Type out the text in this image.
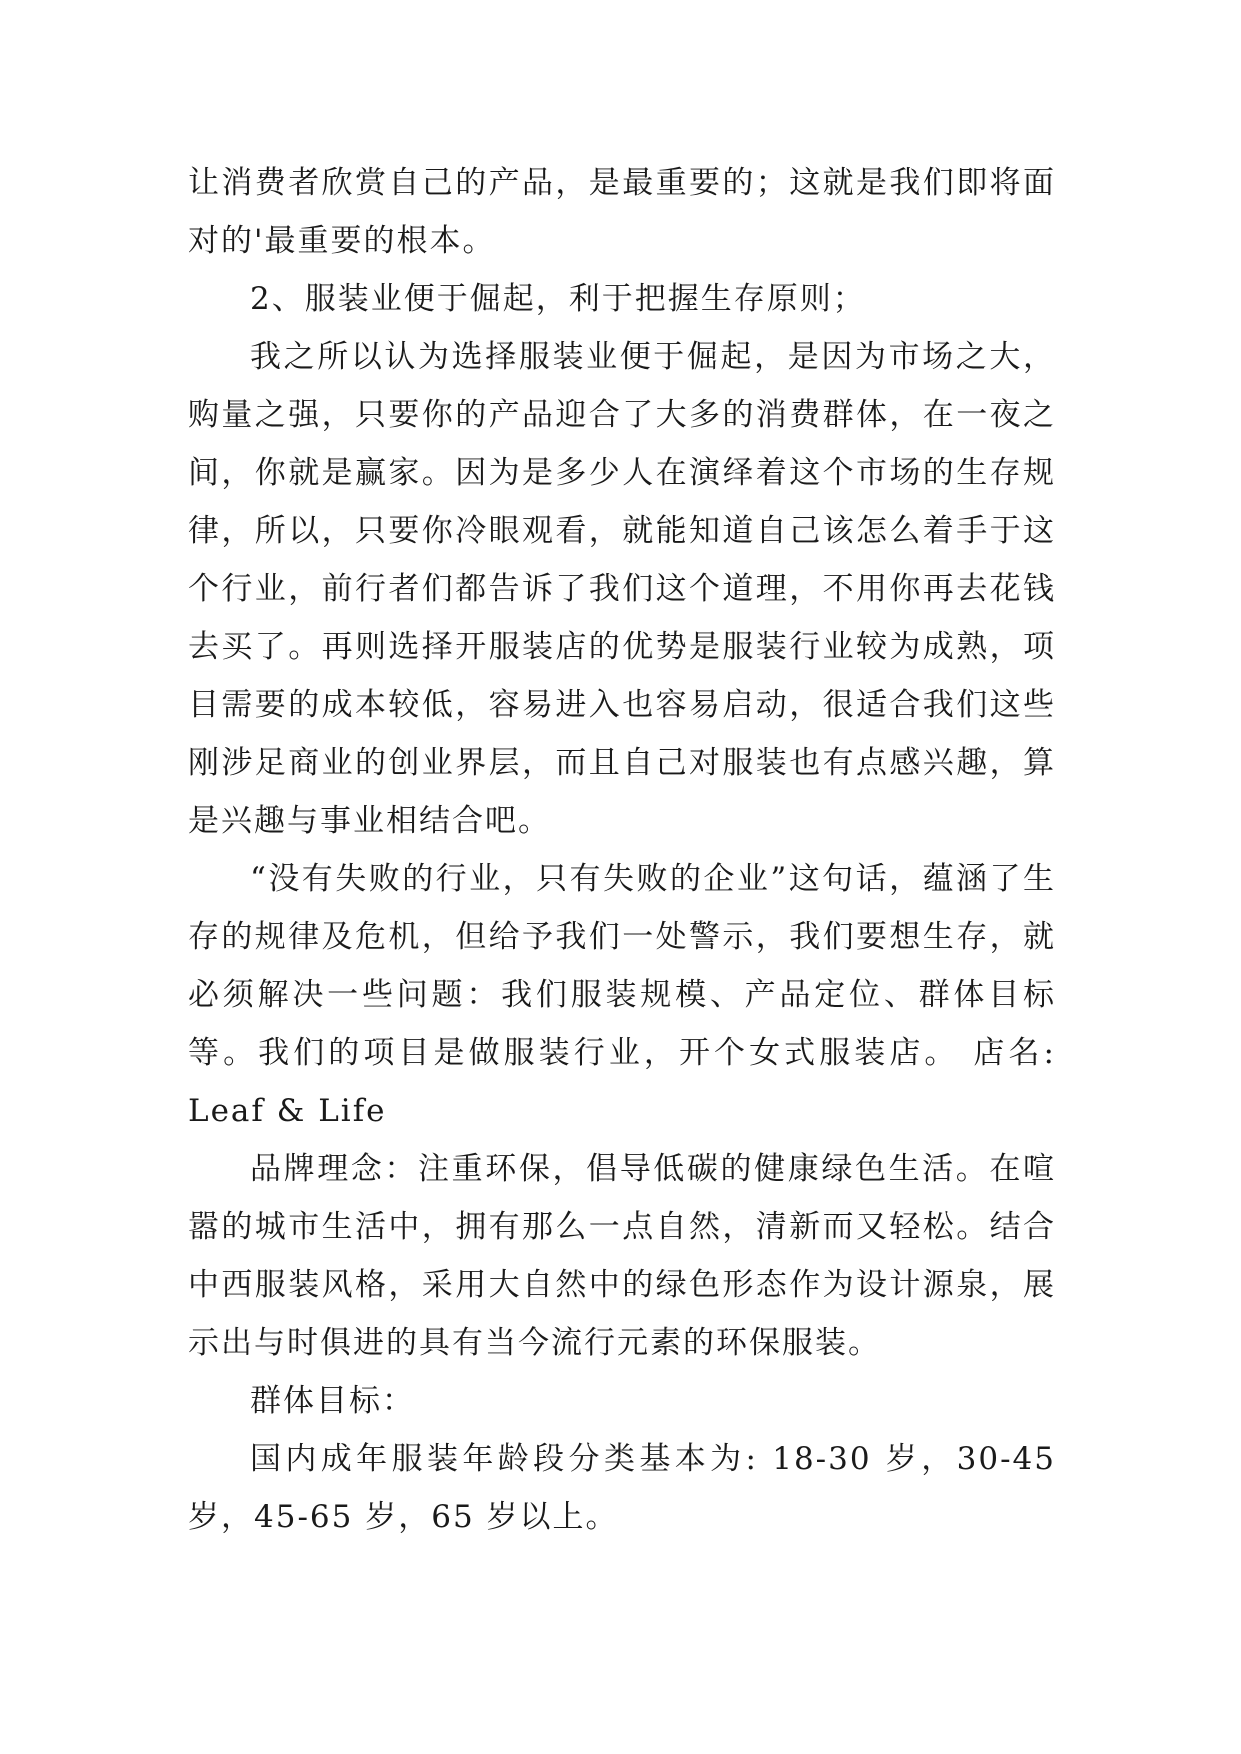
让消费者欣赏自己的产品，是最重要的；这就是我们即将面对的'最重要的根本。

2、服装业便于倔起，利于把握生存原则；

我之所以认为选择服装业便于倔起，是因为市场之大，购量之强，只要你的产品迎合了大多的消费群体，在一夜之间，你就是赢家。因为是多少人在演绎着这个市场的生存规律，所以，只要你冷眼观看，就能知道自己该怎么着手于这个行业，前行者们都告诉了我们这个道理，不用你再去花钱去买了。再则选择开服装店的优势是服装行业较为成熟，项目需要的成本较低，容易进入也容易启动，很适合我们这些刚涉足商业的创业界层，而且自己对服装也有点感兴趣，算是兴趣与事业相结合吧。

“没有失败的行业，只有失败的企业”这句话，蕴涵了生存的规律及危机，但给予我们一处警示，我们要想生存，就必须解决一些问题：我们服装规模、产品定位、群体目标等。我们的项目是做服装行业，开个女式服装店。 店名: Leaf & Life

品牌理念：注重环保，倡导低碳的健康绿色生活。在喧嚣的城市生活中，拥有那么一点自然，清新而又轻松。结合中西服装风格，采用大自然中的绿色形态作为设计源泉，展示出与时俱进的具有当今流行元素的环保服装。

群体目标：

国内成年服装年龄段分类基本为: 18-30 岁，30-45 岁，45-65 岁，65 岁以上。
